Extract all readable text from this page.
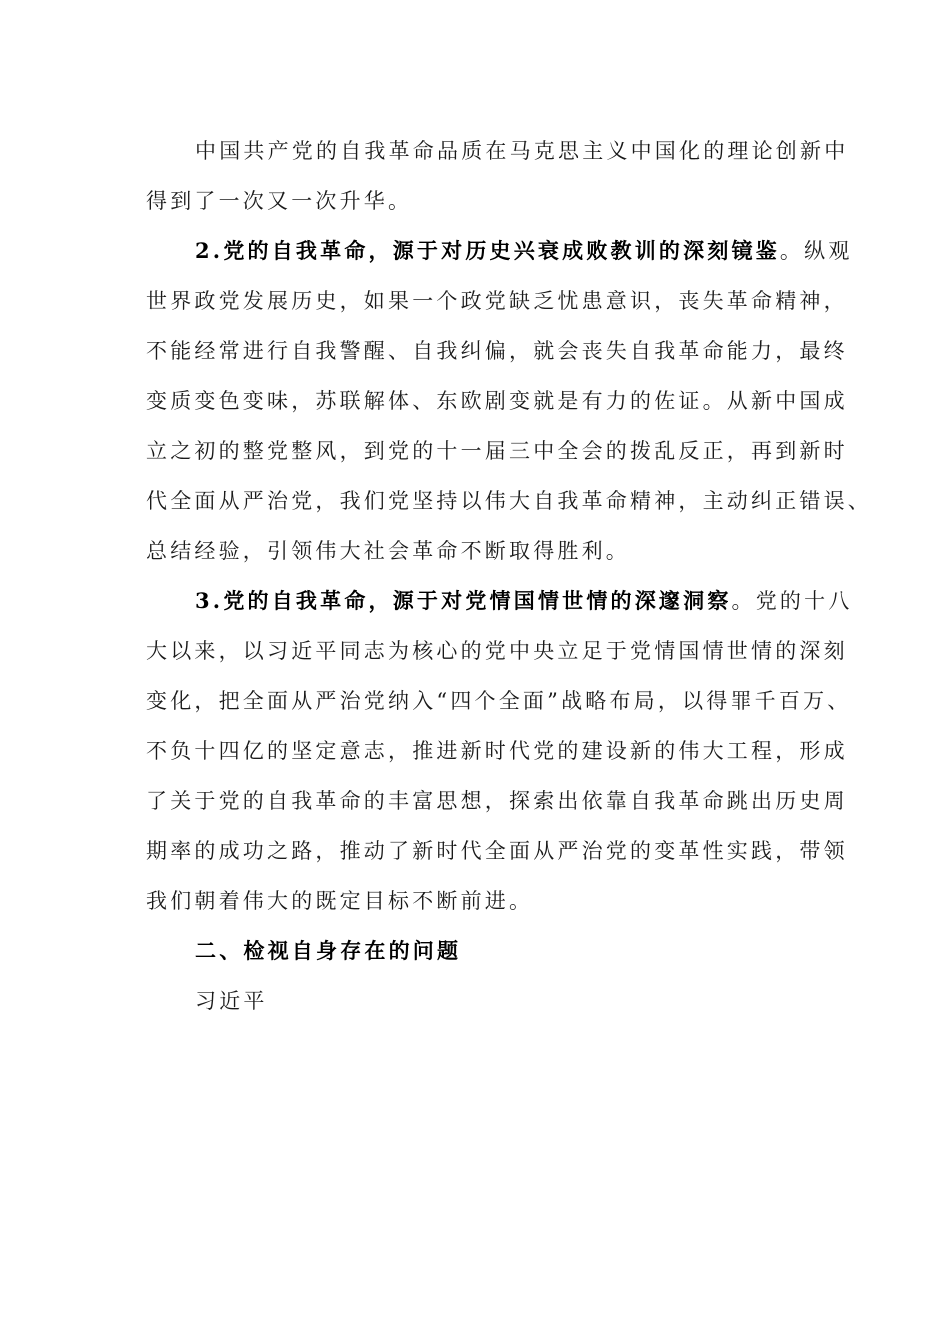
中国共产党的自我革命品质在马克思主义中国化的理论创新中
得到了一次又一次升华。
2.党的自我革命，源于对历史兴衰成败教训的深刻镜鉴。纵观
世界政党发展历史，如果一个政党缺乏忧患意识，丧失革命精神，
不能经常进行自我警醒、自我纠偏，就会丧失自我革命能力，最终
变质变色变味，苏联解体、东欧剧变就是有力的佐证。从新中国成
立之初的整党整风，到党的十一届三中全会的拨乱反正，再到新时
代全面从严治党，我们党坚持以伟大自我革命精神，主动纠正错误、
总结经验，引领伟大社会革命不断取得胜利。
3.党的自我革命，源于对党情国情世情的深邃洞察。党的十八
大以来，以习近平同志为核心的党中央立足于党情国情世情的深刻
变化，把全面从严治党纳入“四个全面”战略布局，以得罪千百万、
不负十四亿的坚定意志，推进新时代党的建设新的伟大工程，形成
了关于党的自我革命的丰富思想，探索出依靠自我革命跳出历史周
期率的成功之路，推动了新时代全面从严治党的变革性实践，带领
我们朝着伟大的既定目标不断前进。
二、检视自身存在的问题
习近平
